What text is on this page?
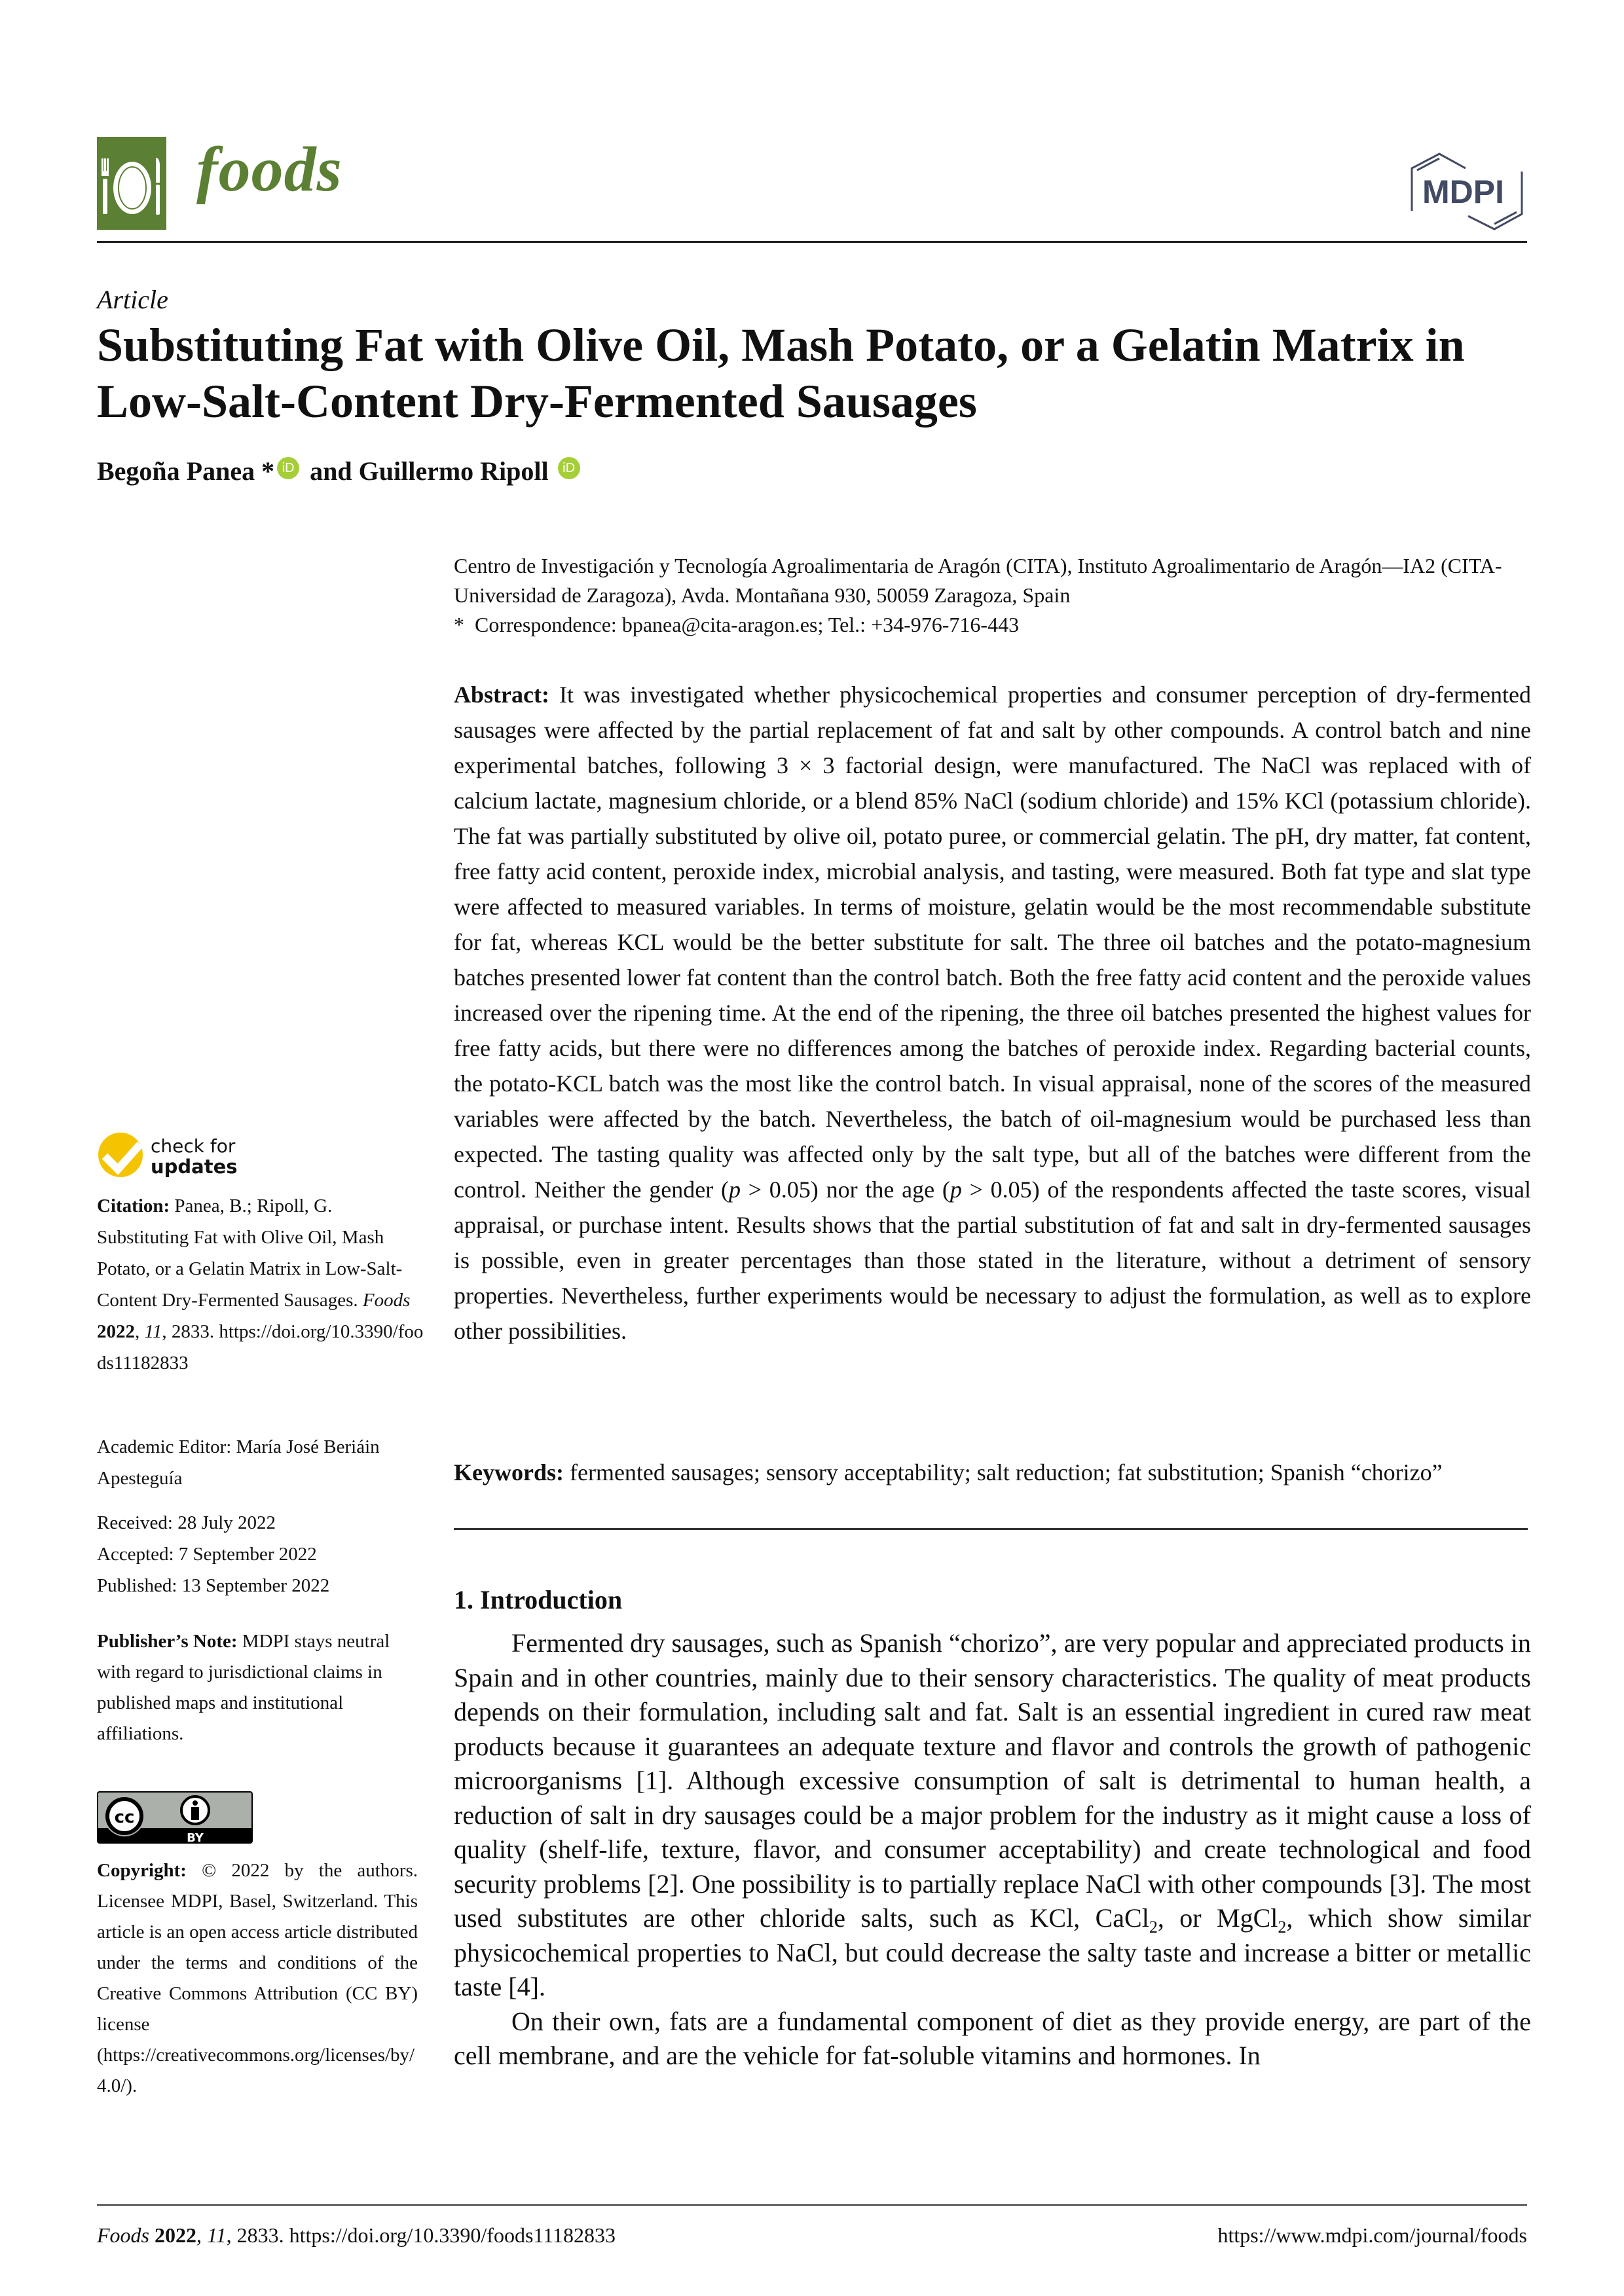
foods	MDPI
Article
Substituting Fat with Olive Oil, Mash Potato, or a Gelatin Matrix in Low-Salt-Content Dry-Fermented Sausages
Begoña Panea * iD and Guillermo Ripoll iD
Centro de Investigación y Tecnología Agroalimentaria de Aragón (CITA), Instituto Agroalimentario de Aragón—IA2 (CITA-Universidad de Zaragoza), Avda. Montañana 930, 50059 Zaragoza, Spain
* Correspondence: bpanea@cita-aragon.es; Tel.: +34-976-716-443
Abstract: It was investigated whether physicochemical properties and consumer perception of dry-fermented sausages were affected by the partial replacement of fat and salt by other compounds. A control batch and nine experimental batches, following 3 × 3 factorial design, were manufactured. The NaCl was replaced with of calcium lactate, magnesium chloride, or a blend 85% NaCl (sodium chloride) and 15% KCl (potassium chloride). The fat was partially substituted by olive oil, potato puree, or commercial gelatin. The pH, dry matter, fat content, free fatty acid content, peroxide index, microbial analysis, and tasting, were measured. Both fat type and slat type were affected to measured variables. In terms of moisture, gelatin would be the most recommendable substitute for fat, whereas KCL would be the better substitute for salt. The three oil batches and the potato-magnesium batches presented lower fat content than the control batch. Both the free fatty acid content and the peroxide values increased over the ripening time. At the end of the ripening, the three oil batches presented the highest values for free fatty acids, but there were no differences among the batches of peroxide index. Regarding bacterial counts, the potato-KCL batch was the most like the control batch. In visual appraisal, none of the scores of the measured variables were affected by the batch. Nevertheless, the batch of oil-magnesium would be purchased less than expected. The tasting quality was affected only by the salt type, but all of the batches were different from the control. Neither the gender (p > 0.05) nor the age (p > 0.05) of the respondents affected the taste scores, visual appraisal, or purchase intent. Results shows that the partial substitution of fat and salt in dry-fermented sausages is possible, even in greater percentages than those stated in the literature, without a detriment of sensory properties. Nevertheless, further experiments would be necessary to adjust the formulation, as well as to explore other possibilities.
Keywords: fermented sausages; sensory acceptability; salt reduction; fat substitution; Spanish “chorizo”
1. Introduction

Fermented dry sausages, such as Spanish “chorizo”, are very popular and appreciated products in Spain and in other countries, mainly due to their sensory characteristics. The quality of meat products depends on their formulation, including salt and fat. Salt is an essential ingredient in cured raw meat products because it guarantees an adequate texture and flavor and controls the growth of pathogenic microorganisms [1]. Although excessive consumption of salt is detrimental to human health, a reduction of salt in dry sausages could be a major problem for the industry as it might cause a loss of quality (shelf-life, texture, flavor, and consumer acceptability) and create technological and food security problems [2]. One possibility is to partially replace NaCl with other compounds [3]. The most used substitutes are other chloride salts, such as KCl, CaCl$_2$, or MgCl$_2$, which show similar physicochemical properties to NaCl, but could decrease the salty taste and increase a bitter or metallic taste [4].

On their own, fats are a fundamental component of diet as they provide energy, are part of the cell membrane, and are the vehicle for fat-soluble vitamins and hormones. In

check for
updates
Citation: Panea, B.; Ripoll, G. Substituting Fat with Olive Oil, Mash Potato, or a Gelatin Matrix in Low-Salt-Content Dry-Fermented Sausages. Foods 2022, 11, 2833. https://doi.org/10.3390/foods11182833
Academic Editor: María José Beriáin Apesteguía
Received: 28 July 2022
Accepted: 7 September 2022
Published: 13 September 2022
Publisher’s Note: MDPI stays neutral with regard to jurisdictional claims in published maps and institutional affiliations.
cc
BY
Copyright: © 2022 by the authors. Licensee MDPI, Basel, Switzerland. This article is an open access article distributed under the terms and conditions of the Creative Commons Attribution (CC BY) license (https://creativecommons.org/licenses/by/4.0/).
Foods 2022, 11, 2833. https://doi.org/10.3390/foods11182833	https://www.mdpi.com/journal/foods
